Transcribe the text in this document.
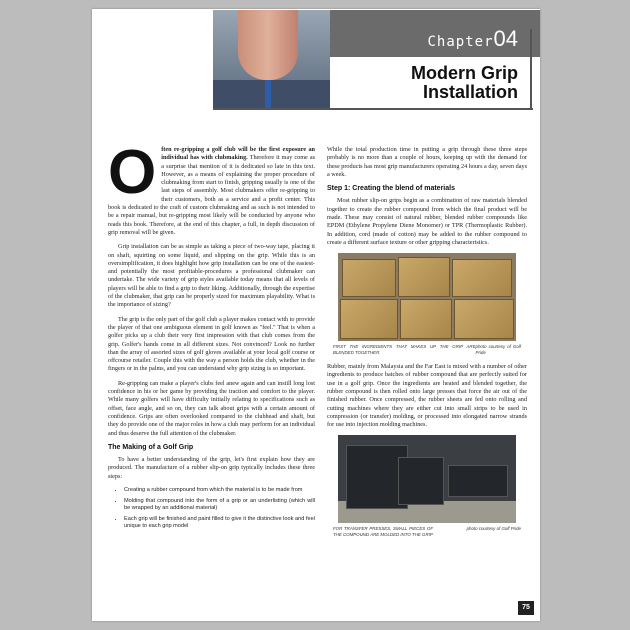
Chapter04
Modern Grip
Installation

Often re-gripping a golf club will be the first exposure an individual has with clubmaking. Therefore it may come as a surprise that mention of it is dedicated so late in this text. However, as a means of explaining the proper procedure of clubmaking from start to finish, gripping usually is one of the last steps of assembly. Most clubmakers offer re-gripping to their customers, both as a service and a profit center. This book is dedicated to the craft of custom clubmaking and as such is not intended to be a repair manual, but re-gripping most likely will be conducted by anyone who reads this book. Therefore, at the end of this chapter, a full, in depth discussion of grip removal will be given.

Grip installation can be as simple as taking a piece of two-way tape, placing it on shaft, squirting on some liquid, and slipping on the grip. While this is an oversimplification, it does highlight how grip installation can be one of the easiest-and potentially the most profitable-procedures a professional clubmaker can undertake. The wide variety of grip styles available today means that all levels of players will be able to find a grip to their liking. Additionally, through the expertise of the clubmaker, that grip can be properly sized for maximum playability. What is the importance of sizing?

The grip is the only part of the golf club a player makes contact with to provide the player of that one ambiguous element in golf known as "feel." That is when a golfer picks up a club their very first impression with that club comes from the grip. Golfer's hands come in all different sizes. Not convinced? Look no further than the array of assorted sizes of golf gloves available at your local golf course or offcourse retailer. Couple this with the way a person holds the club, whether in the fingers or in the palms, and you can understand why grip sizing is so important.

Re-gripping can make a player's clubs feel anew again and can instill long lost confidence in his or her game by providing the traction and comfort to the player. While many golfers will have difficulty initially relating to specifications such as offset, face angle, and so on, they can talk about grips with a certain amount of confidence. Grips are often overlooked compared to the clubhead and shaft, but they do provide one of the major roles in how a club may perform for an individual and thus deserve the full attention of the clubmaker.

The Making of a Golf Grip

To have a better understanding of the grip, let's first explain how they are produced. The manufacture of a rubber slip-on grip typically includes these three steps:

• Creating a rubber compound from which the material is to be made from
• Molding that compound into the form of a grip or an underlisting (which will be wrapped by an additional material)
• Each grip will be finished and paint filled to give it the distinctive look and feel unique to each grip model

While the total production time in putting a grip through these three steps probably is no more than a couple of hours, keeping up with the demand for these products has most grip manufacturers operating 24 hours a day, seven days a week.

Step 1: Creating the blend of materials

Most rubber slip-on grips begin as a combination of raw materials blended together to create the rubber compound from which the final product will be made. These may consist of natural rubber, blended rubber compounds like EPDM (Ethylene Propylene Diene Monomer) or TPR (Thermoplastic Rubber). In addition, cord (made of cotton) may be added to the rubber compound to create a different surface texture or other gripping characteristics.

FIRST THE INGREDIENTS THAT MAKES UP THE GRIP ARE BLENDED TOGETHER.
photo courtesy of Golf Pride

Rubber, mainly from Malaysia and the Far East is mixed with a number of other ingredients to produce batches of rubber compound that are perfectly suited for use in a golf grip. Once the ingredients are heated and blended together, the rubber compound is then rolled onto large presses that force the air out of the finished rubber. Once compressed, the rubber sheets are fed onto rolling and cutting machines where they are either cut into small strips to be used in compression (or transfer) molding, or processed into elongated narrow strands for use into injection molding machines.

FOR TRANSFER PRESSES, SMALL PIECES OF THE COMPOUND ARE MOLDED INTO THE GRIP
photo courtesy of Golf Pride
75
